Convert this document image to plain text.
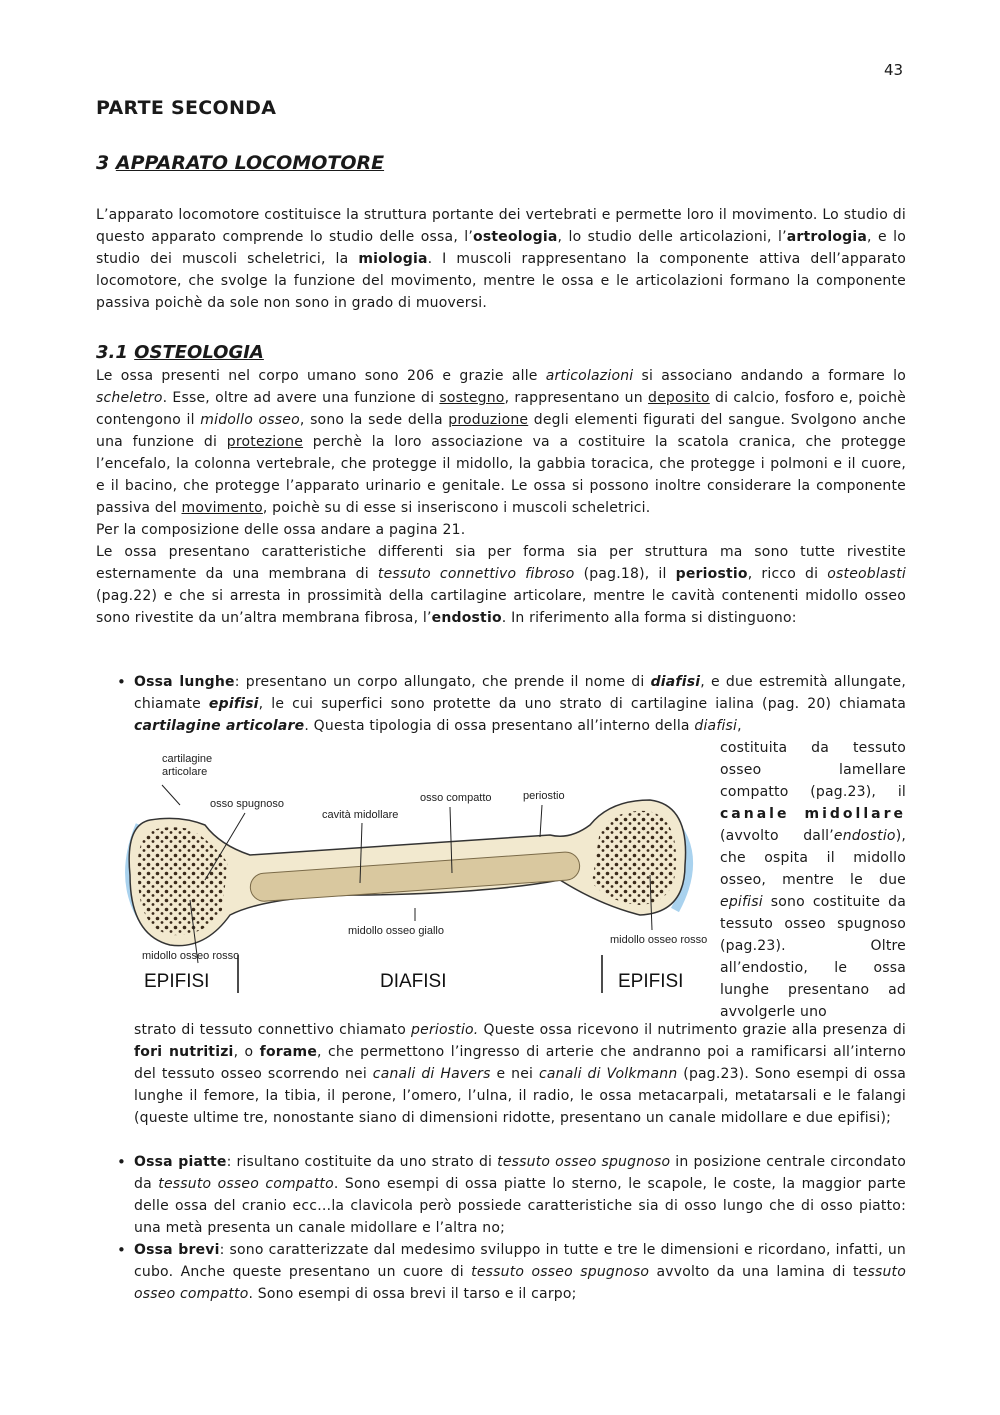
43
PARTE SECONDA
3 APPARATO LOCOMOTORE

L’apparato locomotore costituisce la struttura portante dei vertebrati e permette loro il movimento. Lo studio di questo apparato comprende lo studio delle ossa, l’osteologia, lo studio delle articolazioni, l’artrologia, e lo studio dei muscoli scheletrici, la miologia. I muscoli rappresentano la componente attiva dell’apparato locomotore, che svolge la funzione del movimento, mentre le ossa e le articolazioni formano la componente passiva poichè da sole non sono in grado di muoversi.

3.1 OSTEOLOGIA
Le ossa presenti nel corpo umano sono 206 e grazie alle articolazioni si associano andando a formare lo scheletro. Esse, oltre ad avere una funzione di sostegno, rappresentano un deposito di calcio, fosforo e, poichè contengono il midollo osseo, sono la sede della produzione degli elementi figurati del sangue. Svolgono anche una funzione di protezione perchè la loro associazione va a costituire la scatola cranica, che protegge l’encefalo, la colonna vertebrale, che protegge il midollo, la gabbia toracica, che protegge i polmoni e il cuore, e il bacino, che protegge l’apparato urinario e genitale. Le ossa si possono inoltre considerare la componente passiva del movimento, poichè su di esse si inseriscono i muscoli scheletrici.
Per la composizione delle ossa andare a pagina 21.
Le ossa presentano caratteristiche differenti sia per forma sia per struttura ma sono tutte rivestite esternamente da una membrana di tessuto connettivo fibroso (pag.18), il periostio, ricco di osteoblasti (pag.22) e che si arresta in prossimità della cartilagine articolare, mentre le cavità contenenti midollo osseo sono rivestite da un’altra membrana fibrosa, l’endostio. In riferimento alla forma si distinguono:
• Ossa lunghe: presentano un corpo allungato, che prende il nome di diafisi, e due estremità allungate, chiamate epifisi, le cui superfici sono protette da uno strato di cartilagine ialina (pag. 20) chiamata cartilagine articolare. Questa tipologia di ossa presentano all’interno della diafisi,
costituita da tessuto osseo lamellare compatto (pag.23), il canale midollare (avvolto dall’endostio), che ospita il midollo osseo, mentre le due epifisi sono costituite da tessuto osseo spugnoso (pag.23). Oltre all’endostio, le ossa lunghe presentano ad avvolgerle uno
cartilagine
articolare
osso spugnoso
cavità midollare
osso compatto	periostio
midollo osseo giallo
midollo osseo rosso
midollo osseo rosso
EPIFISI	DIAFISI	EPIFISI

strato di tessuto connettivo chiamato periostio. Queste ossa ricevono il nutrimento grazie alla presenza di fori nutritizi, o forame, che permettono l’ingresso di arterie che andranno poi a ramificarsi all’interno del tessuto osseo scorrendo nei canali di Havers e nei canali di Volkmann (pag.23). Sono esempi di ossa lunghe il femore, la tibia, il perone, l’omero, l’ulna, il radio, le ossa metacarpali, metatarsali e le falangi (queste ultime tre, nonostante siano di dimensioni ridotte, presentano un canale midollare e due epifisi);

• Ossa piatte: risultano costituite da uno strato di tessuto osseo spugnoso in posizione centrale circondato da tessuto osseo compatto. Sono esempi di ossa piatte lo sterno, le scapole, le coste, la maggior parte delle ossa del cranio ecc…la clavicola però possiede caratteristiche sia di osso lungo che di osso piatto: una metà presenta un canale midollare e l’altra no;
• Ossa brevi: sono caratterizzate dal medesimo sviluppo in tutte e tre le dimensioni e ricordano, infatti, un cubo. Anche queste presentano un cuore di tessuto osseo spugnoso avvolto da una lamina di tessuto osseo compatto. Sono esempi di ossa brevi il tarso e il carpo;
